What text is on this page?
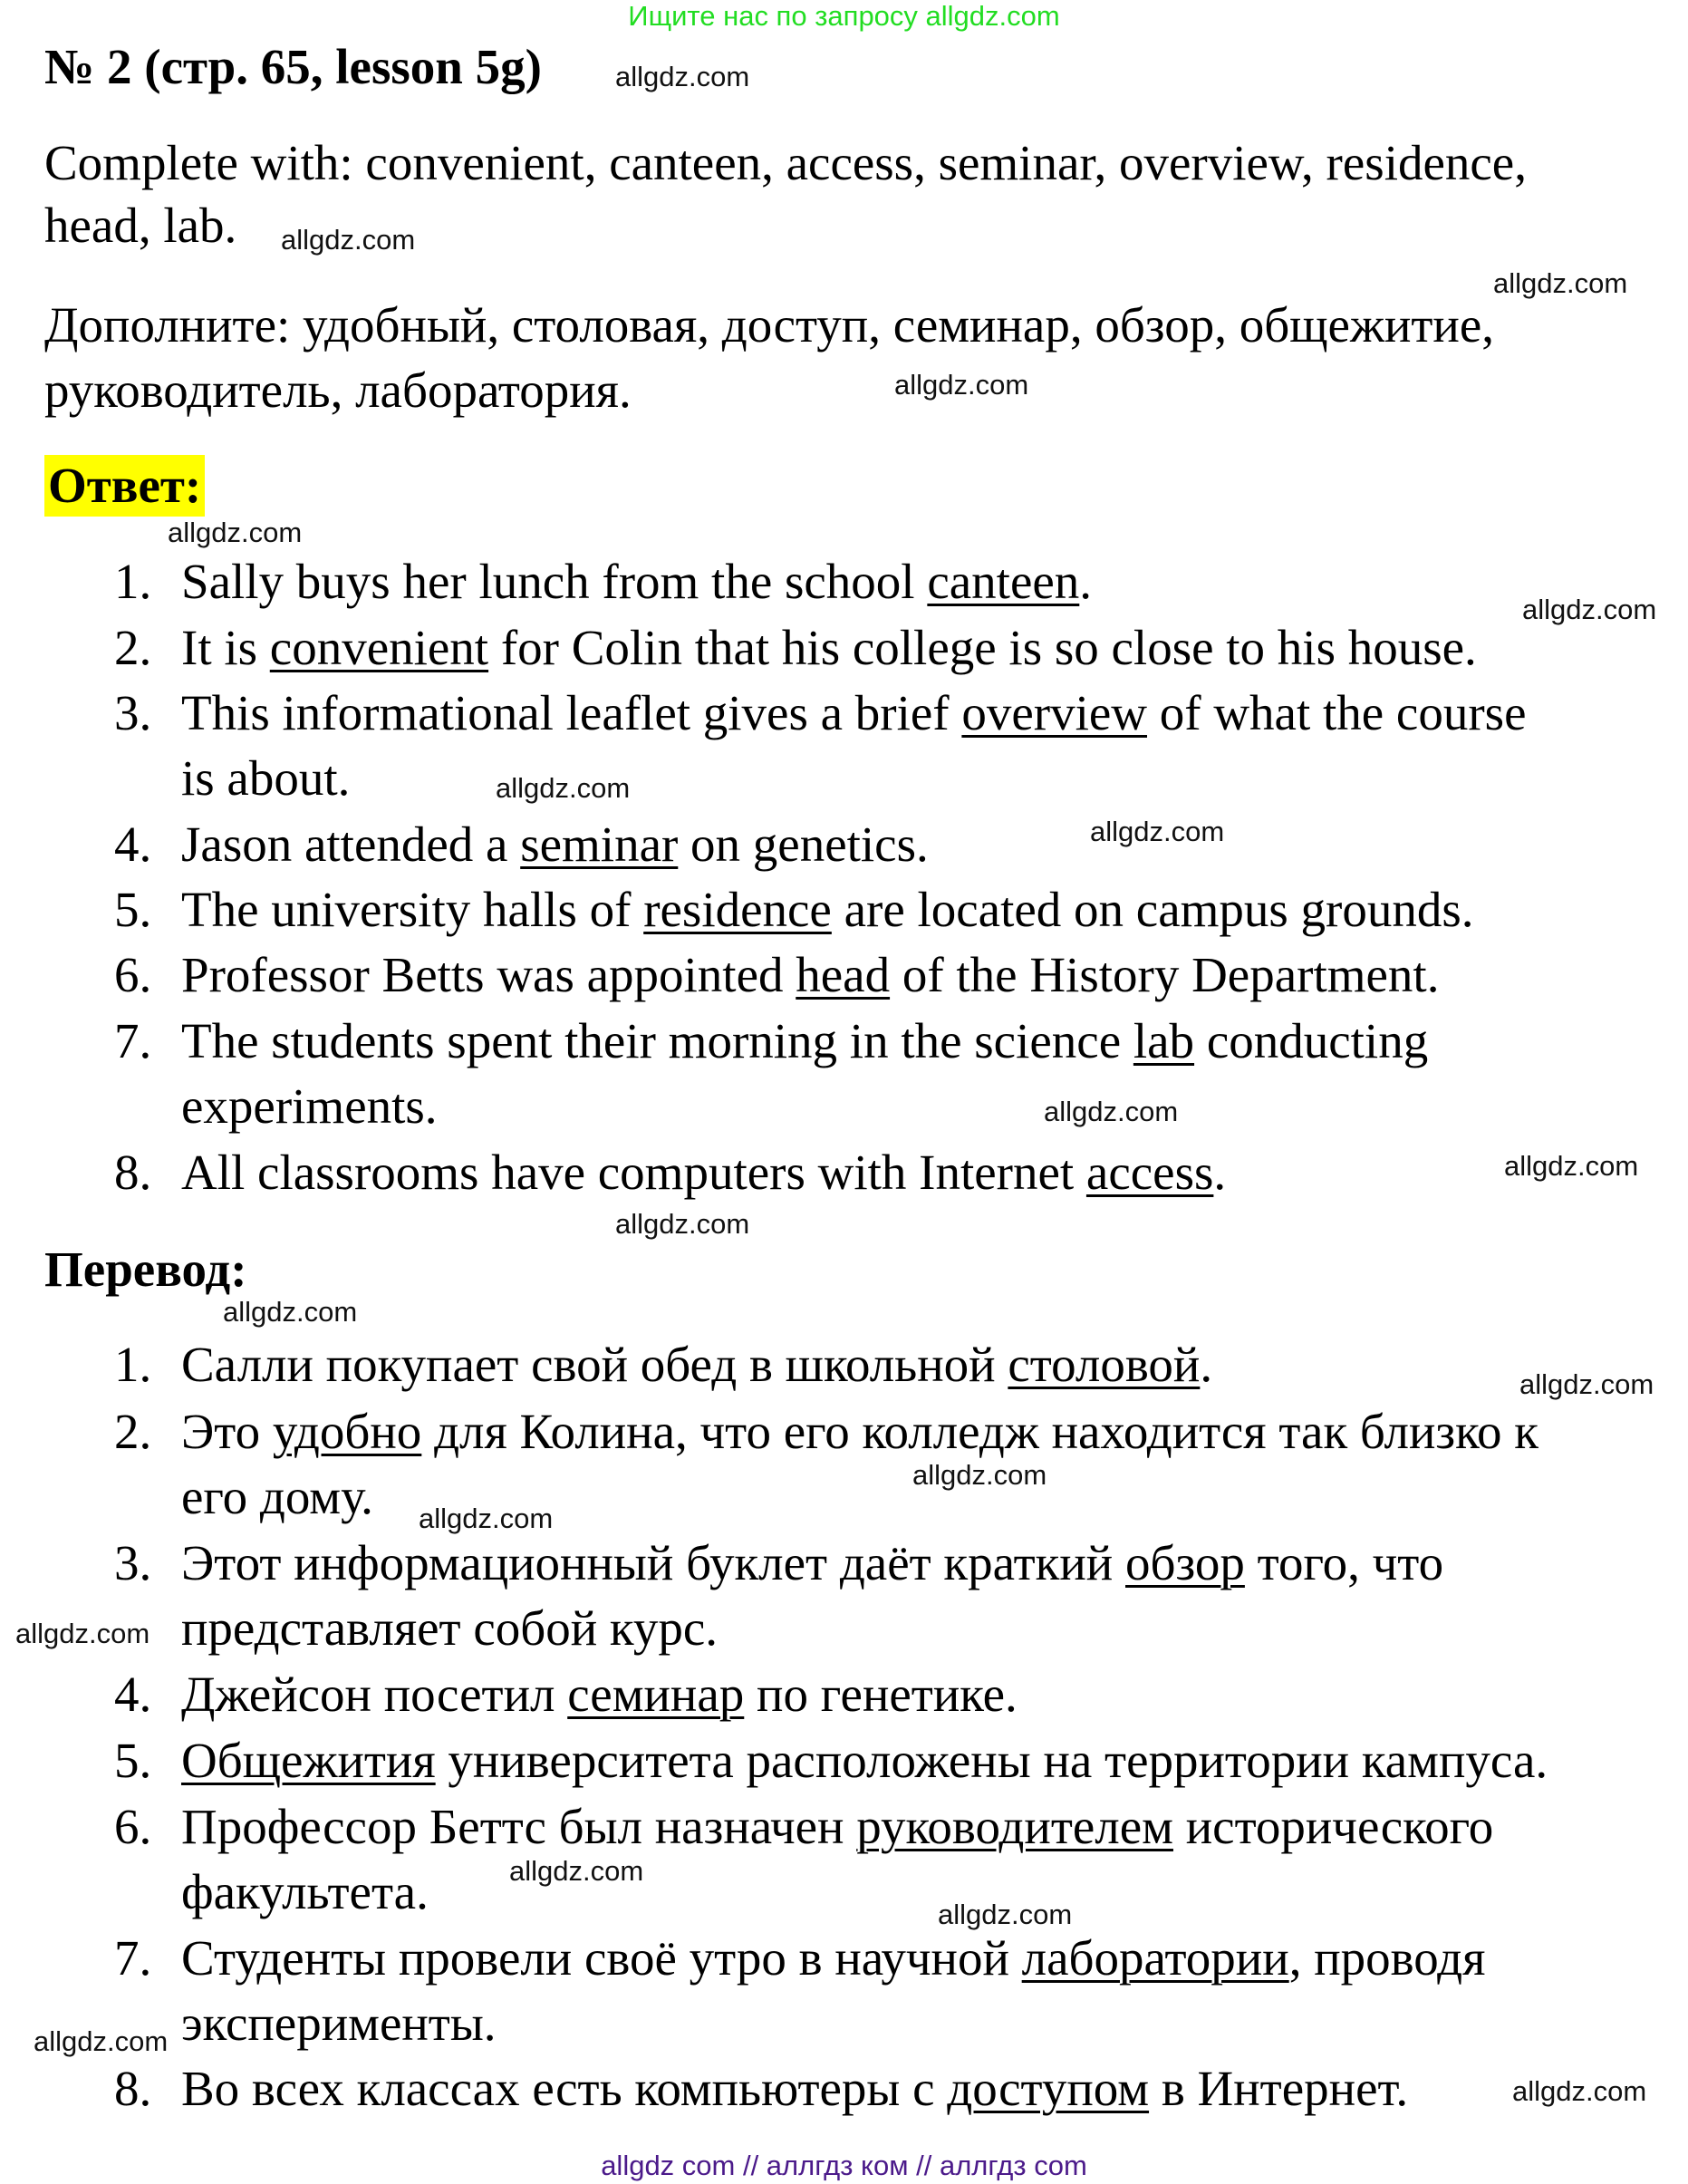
Ищите нас по запросу allgdz.com
№ 2 (стр. 65, lesson 5g)
Complete with: convenient, canteen, access, seminar, overview, residence,
head, lab.
Дополните: удобный, столовая, доступ, семинар, обзор, общежитие,
руководитель, лаборатория.
Ответ:
1. Sally buys her lunch from the school canteen.
2. It is convenient for Colin that his college is so close to his house.
3. This informational leaflet gives a brief overview of what the course
is about.
4. Jason attended a seminar on genetics.
5. The university halls of residence are located on campus grounds.
6. Professor Betts was appointed head of the History Department.
7. The students spent their morning in the science lab conducting
experiments.
8. All classrooms have computers with Internet access.
Перевод:
1. Салли покупает свой обед в школьной столовой.
2. Это удобно для Колина, что его колледж находится так близко к
его дому.
3. Этот информационный буклет даёт краткий обзор того, что
представляет собой курс.
4. Джейсон посетил семинар по генетике.
5. Общежития университета расположены на территории кампуса.
6. Профессор Беттс был назначен руководителем исторического
факультета.
7. Студенты провели своё утро в научной лаборатории, проводя
эксперименты.
8. Во всех классах есть компьютеры с доступом в Интернет.
allgdz.com
allgdz.com
allgdz.com
allgdz.com
allgdz.com
allgdz.com
allgdz.com
allgdz.com
allgdz.com
allgdz.com
allgdz.com
allgdz.com
allgdz.com
allgdz.com
allgdz.com
allgdz.com
allgdz.com
allgdz.com
allgdz.com
allgdz.com
allgdz com // аллгдз ком // аллгдз com
